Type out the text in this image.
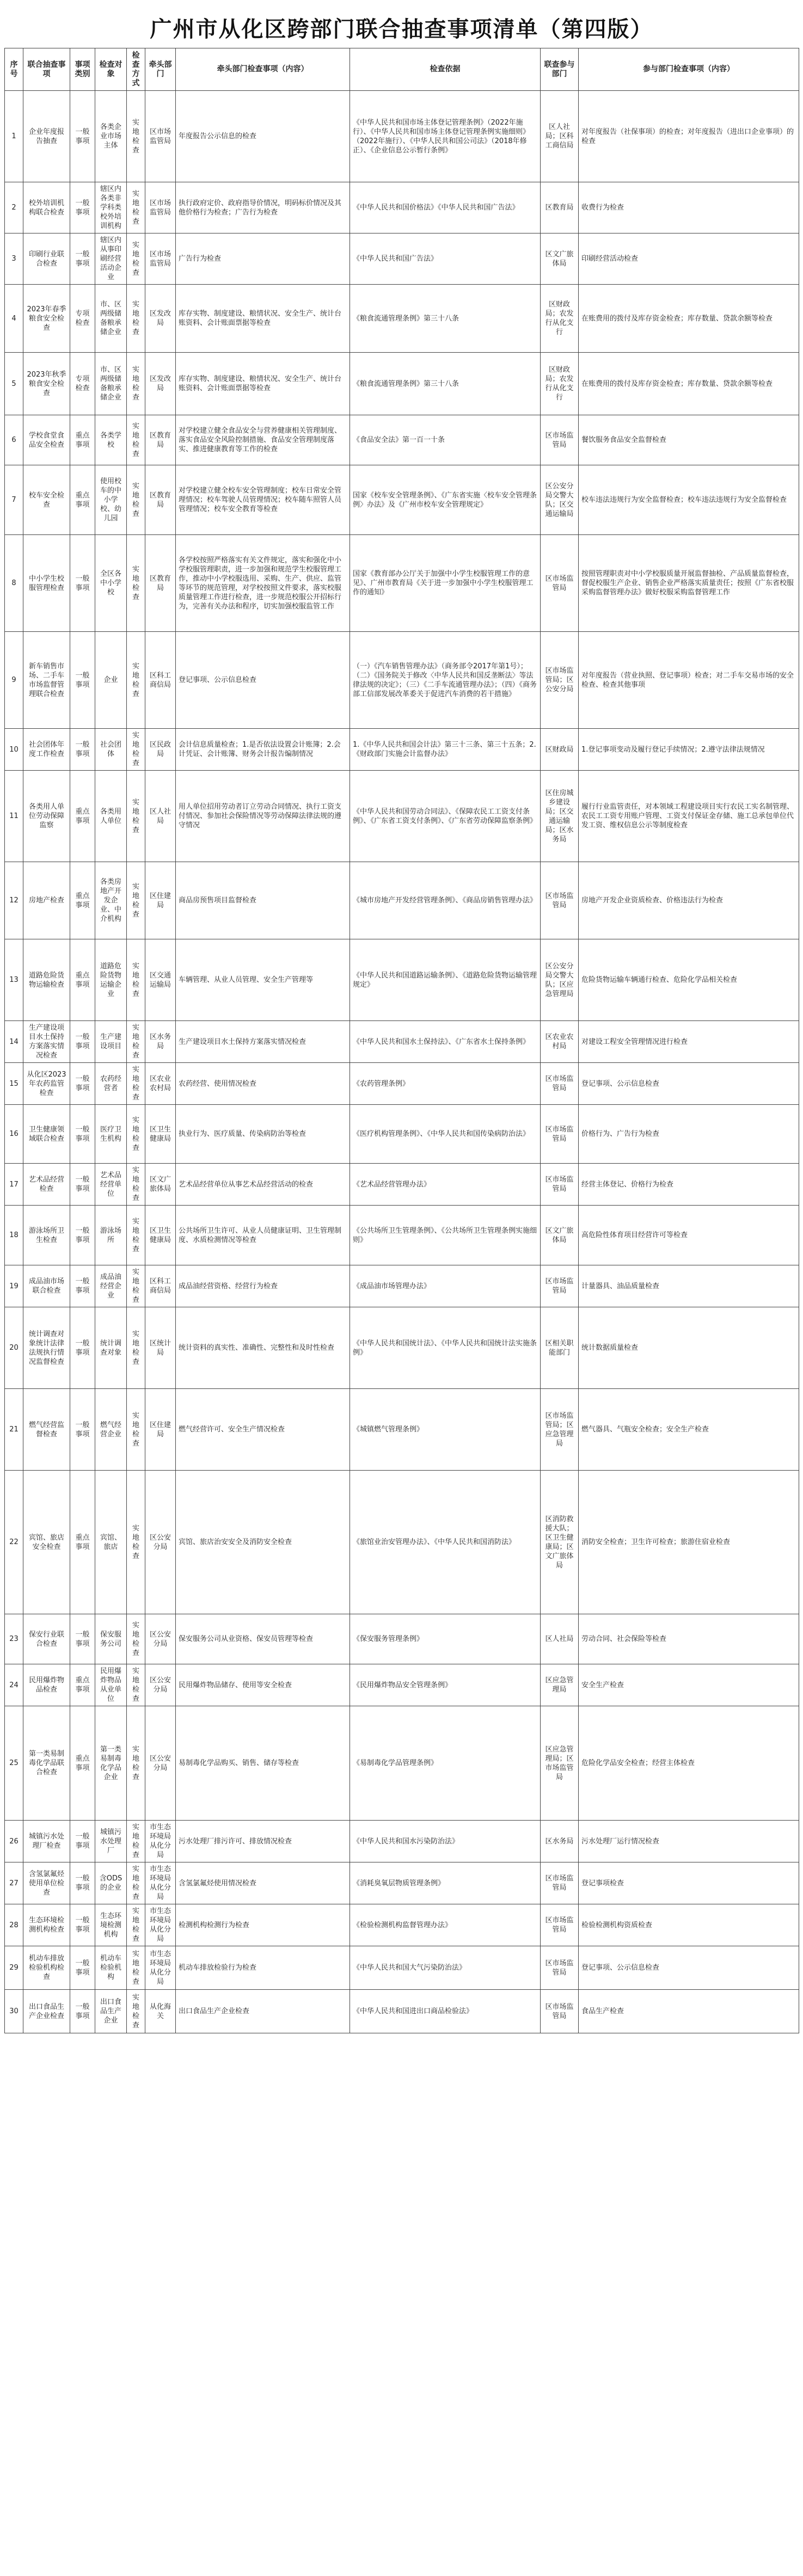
广州市从化区跨部门联合抽查事项清单（第四版）
序号	联合抽查事项	事项类别	检查对象	检查方式	牵头部门	牵头部门检查事项（内容）	检查依据	联查参与部门	参与部门检查事项（内容）
1	企业年度报告抽查	一般事项	各类企业市场主体	实地检查	区市场监管局	年度报告公示信息的检查	《中华人民共和国市场主体登记管理条例》（2022年施行）、《中华人民共和国市场主体登记管理条例实施细则》（2022年施行）、《中华人民共和国公司法》（2018年修正）、《企业信息公示暂行条例》	区人社局；区科工商信局	对年度报告（社保事项）的检查；对年度报告（进出口企业事项）的检查
2	校外培训机构联合检查	一般事项	辖区内各类非学科类校外培训机构	实地检查	区市场监管局	执行政府定价、政府指导价情况，明码标价情况及其他价格行为检查；广告行为检查	《中华人民共和国价格法》《中华人民共和国广告法》	区教育局	收费行为检查
3	印刷行业联合检查	一般事项	辖区内从事印刷经营活动企业	实地检查	区市场监管局	广告行为检查	《中华人民共和国广告法》	区文广旅体局	印刷经营活动检查
4	2023年春季粮食安全检查	专项检查	市、区两级储备粮承储企业	实地检查	区发改局	库存实物、制度建设、粮情状况、安全生产、统计台账资料、会计账面票据等检查	《粮食流通管理条例》第三十八条	区财政局；农发行从化支行	在账费用的拨付及库存资金检查；库存数量、贷款余额等检查
5	2023年秋季粮食安全检查	专项检查	市、区两级储备粮承储企业	实地检查	区发改局	库存实物、制度建设、粮情状况、安全生产、统计台账资料、会计账面票据等检查	《粮食流通管理条例》第三十八条	区财政局；农发行从化支行	在账费用的拨付及库存资金检查；库存数量、贷款余额等检查
6	学校食堂食品安全检查	重点事项	各类学校	实地检查	区教育局	对学校建立健全食品安全与营养健康相关管理制度、落实食品安全风险控制措施、食品安全管理制度落实、推进健康教育等工作的检查	《食品安全法》第一百一十条	区市场监管局	餐饮服务食品安全监督检查
7	校车安全检查	重点事项	使用校车的中小学校、幼儿园	实地检查	区教育局	对学校建立健全校车安全管理制度；校车日常安全管理情况；校车驾驶人员管理情况；校车随车照管人员管理情况；校车安全教育等检查	国家《校车安全管理条例》、《广东省实施〈校车安全管理条例〉办法》及《广州市校车安全管理规定》	区公安分局交警大队；区交通运输局	校车违法违规行为安全监督检查；校车违法违规行为安全监督检查
8	中小学生校服管理检查	一般事项	全区各中小学校	实地检查	区教育局	各学校按照严格落实有关文件规定，落实和强化中小学校服管理职责，进一步加强和规范学生校服管理工作，推动中小学校服选用、采购、生产、供应、监管等环节的规范管理，对学校按照文件要求，落实校服质量管理工作进行检查，进一步规范校服公开招标行为，完善有关办法和程序，切实加强校服监管工作	国家《教育部办公厅关于加强中小学生校服管理工作的意见》、广州市教育局《关于进一步加强中小学生校服管理工作的通知》	区市场监管局	按照管理职责对中小学校服质量开展监督抽检、产品质量监督检查，督促校服生产企业、销售企业严格落实质量责任；按照《广东省校服采购监督管理办法》做好校服采购监督管理工作
9	新车销售市场、二手车市场监督管理联合检查	一般事项	企业	实地检查	区科工商信局	登记事项、公示信息检查	（一）《汽车销售管理办法》（商务部令2017年第1号）；（二）《国务院关于修改〈中华人民共和国反垄断法〉等法律法规的决定》；（三）《二手车流通管理办法》；（四）《商务部工信部发展改革委关于促进汽车消费的若干措施》	区市场监管局；区公安分局	对年度报告（营业执照、登记事项）检查；对二手车交易市场的安全检查、检查其他事项
10	社会团体年度工作检查	一般事项	社会团体	实地检查	区民政局	会计信息质量检查；1.是否依法设置会计账簿；2.会计凭证、会计账簿、财务会计报告编制情况	1.《中华人民共和国会计法》第三十三条、第三十五条；2.《财政部门实施会计监督办法》	区财政局	1.登记事项变动及履行登记手续情况；2.遵守法律法规情况
11	各类用人单位劳动保障监察	重点事项	各类用人单位	实地检查	区人社局	用人单位招用劳动者订立劳动合同情况、执行工资支付情况、参加社会保险情况等劳动保障法律法规的遵守情况	《中华人民共和国劳动合同法》、《保障农民工工资支付条例》、《广东省工资支付条例》、《广东省劳动保障监察条例》	区住房城乡建设局；区交通运输局；区水务局	履行行业监管责任，对本领域工程建设项目实行农民工实名制管理、农民工工资专用账户管理、工资支付保证金存储、施工总承包单位代发工资、维权信息公示等制度检查
12	房地产检查	重点事项	各类房地产开发企业、中介机构	实地检查	区住建局	商品房预售项目监督检查	《城市房地产开发经营管理条例》、《商品房销售管理办法》	区市场监管局	房地产开发企业资质检查、价格违法行为检查
13	道路危险货物运输检查	重点事项	道路危险货物运输企业	实地检查	区交通运输局	车辆管理、从业人员管理、安全生产管理等	《中华人民共和国道路运输条例》、《道路危险货物运输管理规定》	区公安分局交警大队；区应急管理局	危险货物运输车辆通行检查、危险化学品相关检查
14	生产建设项目水土保持方案落实情况检查	一般事项	生产建设项目	实地检查	区水务局	生产建设项目水土保持方案落实情况检查	《中华人民共和国水土保持法》、《广东省水土保持条例》	区农业农村局	对建设工程安全管理情况进行检查
15	从化区2023年农药监管检查	一般事项	农药经营者	实地检查	区农业农村局	农药经营、使用情况检查	《农药管理条例》	区市场监管局	登记事项、公示信息检查
16	卫生健康领域联合检查	一般事项	医疗卫生机构	实地检查	区卫生健康局	执业行为、医疗质量、传染病防治等检查	《医疗机构管理条例》、《中华人民共和国传染病防治法》	区市场监管局	价格行为、广告行为检查
17	艺术品经营检查	一般事项	艺术品经营单位	实地检查	区文广旅体局	艺术品经营单位从事艺术品经营活动的检查	《艺术品经营管理办法》	区市场监管局	经营主体登记、价格行为检查
18	游泳场所卫生检查	一般事项	游泳场所	实地检查	区卫生健康局	公共场所卫生许可、从业人员健康证明、卫生管理制度、水质检测情况等检查	《公共场所卫生管理条例》、《公共场所卫生管理条例实施细则》	区文广旅体局	高危险性体育项目经营许可等检查
19	成品油市场联合检查	一般事项	成品油经营企业	实地检查	区科工商信局	成品油经营资格、经营行为检查	《成品油市场管理办法》	区市场监管局	计量器具、油品质量检查
20	统计调查对象统计法律法规执行情况监督检查	一般事项	统计调查对象	实地检查	区统计局	统计资料的真实性、准确性、完整性和及时性检查	《中华人民共和国统计法》、《中华人民共和国统计法实施条例》	区相关职能部门	统计数据质量检查
21	燃气经营监督检查	一般事项	燃气经营企业	实地检查	区住建局	燃气经营许可、安全生产情况检查	《城镇燃气管理条例》	区市场监管局；区应急管理局	燃气器具、气瓶安全检查；安全生产检查
22	宾馆、旅店安全检查	重点事项	宾馆、旅店	实地检查	区公安分局	宾馆、旅店治安安全及消防安全检查	《旅馆业治安管理办法》、《中华人民共和国消防法》	区消防救援大队；区卫生健康局；区文广旅体局	消防安全检查；卫生许可检查；旅游住宿业检查
23	保安行业联合检查	一般事项	保安服务公司	实地检查	区公安分局	保安服务公司从业资格、保安员管理等检查	《保安服务管理条例》	区人社局	劳动合同、社会保险等检查
24	民用爆炸物品检查	重点事项	民用爆炸物品从业单位	实地检查	区公安分局	民用爆炸物品储存、使用等安全检查	《民用爆炸物品安全管理条例》	区应急管理局	安全生产检查
25	第一类易制毒化学品联合检查	重点事项	第一类易制毒化学品企业	实地检查	区公安分局	易制毒化学品购买、销售、储存等检查	《易制毒化学品管理条例》	区应急管理局；区市场监管局	危险化学品安全检查；经营主体检查
26	城镇污水处理厂检查	一般事项	城镇污水处理厂	实地检查	市生态环境局从化分局	污水处理厂排污许可、排放情况检查	《中华人民共和国水污染防治法》	区水务局	污水处理厂运行情况检查
27	含氢氯氟烃使用单位检查	一般事项	含ODS的企业	实地检查	市生态环境局从化分局	含氢氯氟烃使用情况检查	《消耗臭氧层物质管理条例》	区市场监管局	登记事项检查
28	生态环境检测机构检查	一般事项	生态环境检测机构	实地检查	市生态环境局从化分局	检测机构检测行为检查	《检验检测机构监督管理办法》	区市场监管局	检验检测机构资质检查
29	机动车排放检验机构检查	一般事项	机动车检验机构	实地检查	市生态环境局从化分局	机动车排放检验行为检查	《中华人民共和国大气污染防治法》	区市场监管局	登记事项、公示信息检查
30	出口食品生产企业检查	一般事项	出口食品生产企业	实地检查	从化海关	出口食品生产企业检查	《中华人民共和国进出口商品检验法》	区市场监管局	食品生产检查
